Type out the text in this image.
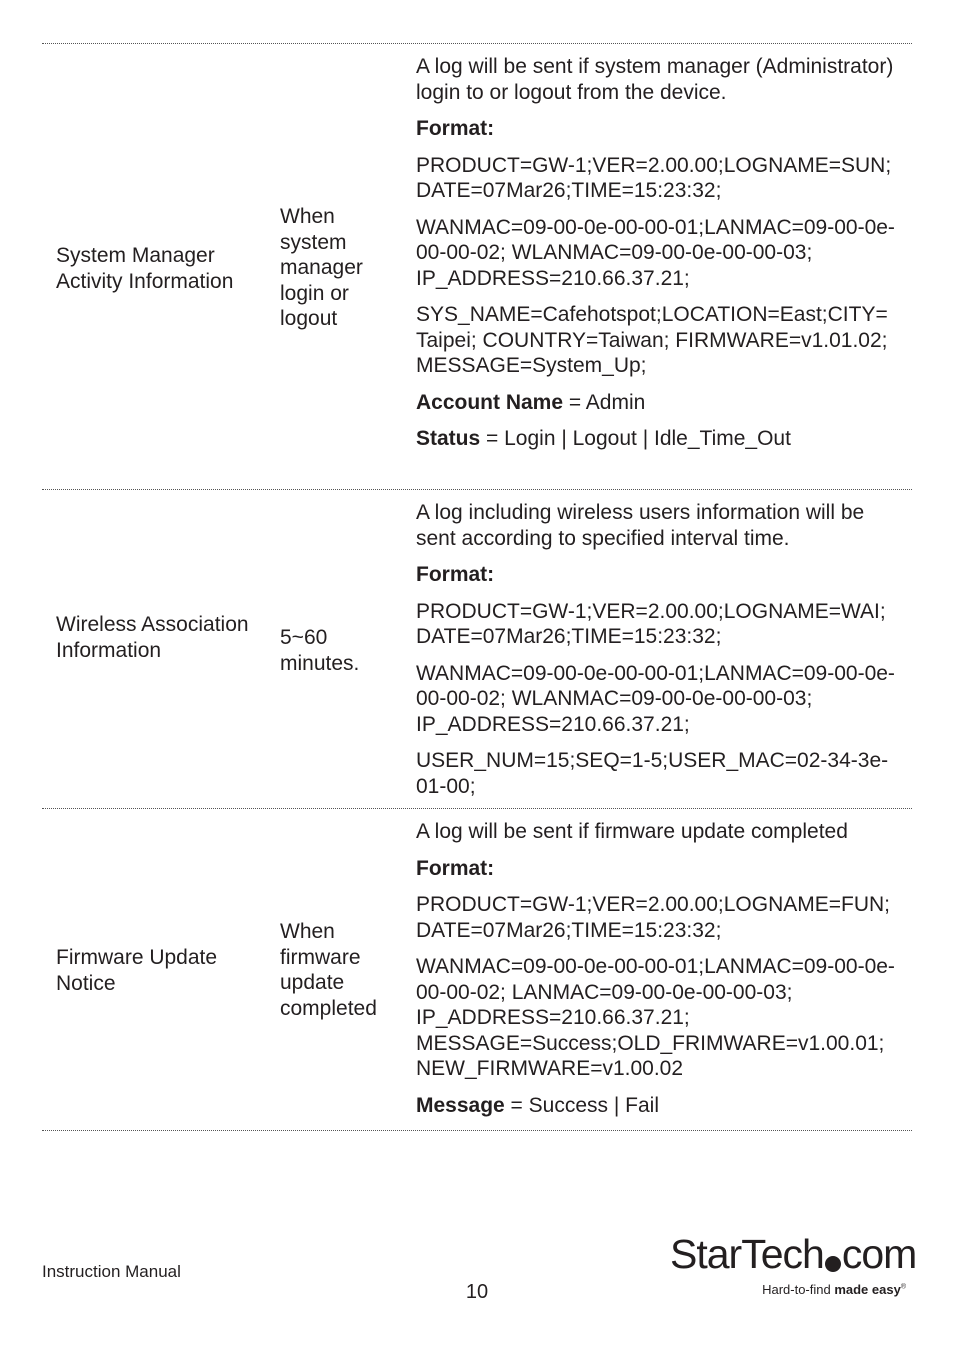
System Manager Activity Information
When system manager login or logout

A log will be sent if system manager (Administrator) login to or logout from the device.

Format:

PRODUCT=GW-1;VER=2.00.00;LOGNAME=SUN; DATE=07Mar26;TIME=15:23:32;

WANMAC=09-00-0e-00-00-01;LANMAC=09-00-0e-00-00-02; WLANMAC=09-00-0e-00-00-03; IP_ADDRESS=210.66.37.21;

SYS_NAME=Cafehotspot;LOCATION=East;CITY= Taipei; COUNTRY=Taiwan; FIRMWARE=v1.01.02; MESSAGE=System_Up;

Account Name = Admin

Status = Login | Logout | Idle_Time_Out

Wireless Association Information
5~60 minutes.

A log including wireless users information will be sent according to specified interval time.

Format:

PRODUCT=GW-1;VER=2.00.00;LOGNAME=WAI; DATE=07Mar26;TIME=15:23:32;

WANMAC=09-00-0e-00-00-01;LANMAC=09-00-0e-00-00-02; WLANMAC=09-00-0e-00-00-03; IP_ADDRESS=210.66.37.21;

USER_NUM=15;SEQ=1-5;USER_MAC=02-34-3e-01-00;

Firmware Update Notice
When firmware update completed

A log will be sent if firmware update completed

Format:

PRODUCT=GW-1;VER=2.00.00;LOGNAME=FUN; DATE=07Mar26;TIME=15:23:32;

WANMAC=09-00-0e-00-00-01;LANMAC=09-00-0e-00-00-02; LANMAC=09-00-0e-00-00-03; IP_ADDRESS=210.66.37.21; MESSAGE=Success;OLD_FRIMWARE=v1.00.01; NEW_FIRMWARE=v1.00.02

Message = Success | Fail

Instruction Manual
10
StarTech com
Hard-to-find made easy®
